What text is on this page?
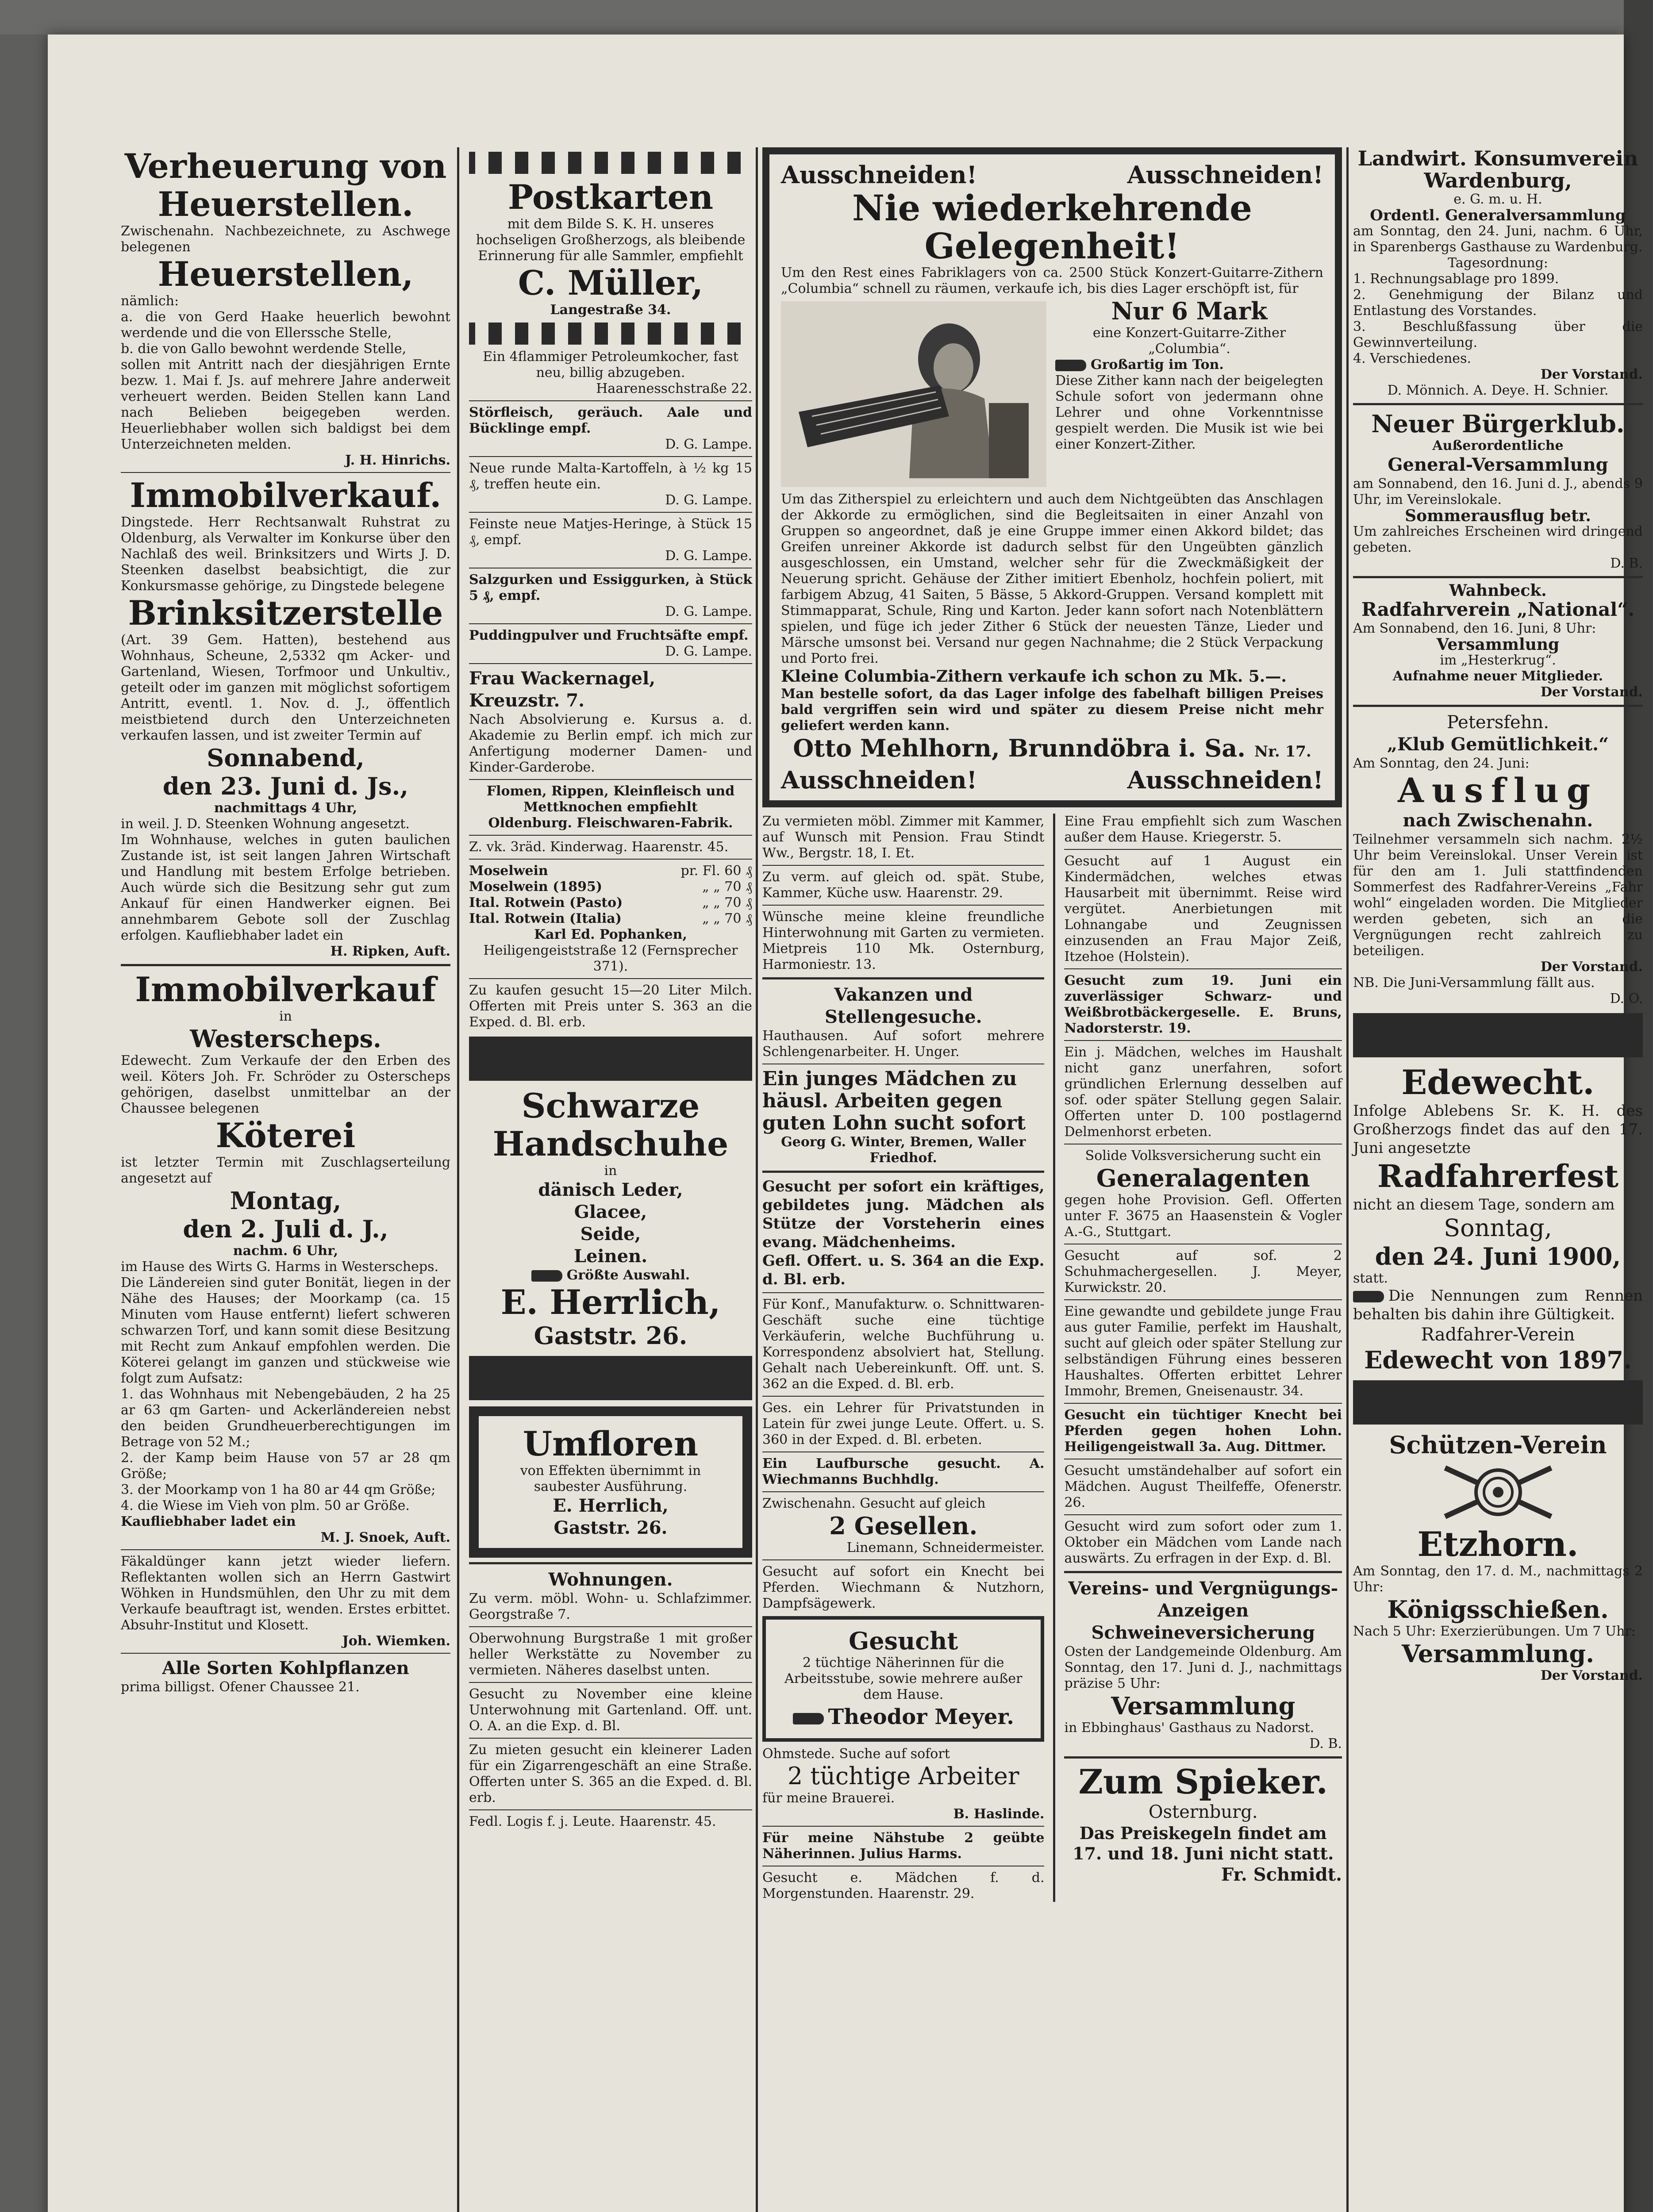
Verheuerung von Heuerstellen.
Zwischenahn. Nachbezeichnete, zu Aschwege belegenen
Heuerstellen,
nämlich:
a. die von Gerd Haake heuerlich bewohnt werdende und die von Ellerssche Stelle,
b. die von Gallo bewohnt werdende Stelle,
sollen mit Antritt nach der diesjährigen Ernte bezw. 1. Mai f. Js. auf mehrere Jahre anderweit verheuert werden. Beiden Stellen kann Land nach Belieben beigegeben werden. Heuerliebhaber wollen sich baldigst bei dem Unterzeichneten melden.
J. H. Hinrichs.
Immobilverkauf.
Dingstede. Herr Rechtsanwalt Ruhstrat zu Oldenburg, als Verwalter im Konkurse über den Nachlaß des weil. Brinksitzers und Wirts J. D. Steenken daselbst beabsichtigt, die zur Konkursmasse gehörige, zu Dingstede belegene
Brinksitzerstelle
(Art. 39 Gem. Hatten), bestehend aus Wohnhaus, Scheune, 2,5332 qm Acker- und Gartenland, Wiesen, Torfmoor und Unkultiv., geteilt oder im ganzen mit möglichst sofortigem Antritt, eventl. 1. Nov. d. J., öffentlich meistbietend durch den Unterzeichneten verkaufen lassen, und ist zweiter Termin auf
Sonnabend,
den 23. Juni d. Js.,
nachmittags 4 Uhr,
in weil. J. D. Steenken Wohnung angesetzt.
Im Wohnhause, welches in guten baulichen Zustande ist, ist seit langen Jahren Wirtschaft und Handlung mit bestem Erfolge betrieben. Auch würde sich die Besitzung sehr gut zum Ankauf für einen Handwerker eignen. Bei annehmbarem Gebote soll der Zuschlag erfolgen. Kaufliebhaber ladet ein
H. Ripken, Auft.
Immobilverkauf
in
Westerscheps.
Edewecht. Zum Verkaufe der den Erben des weil. Köters Joh. Fr. Schröder zu Osterscheps gehörigen, daselbst unmittelbar an der Chaussee belegenen
Köterei
ist letzter Termin mit Zuschlagserteilung angesetzt auf
Montag,
den 2. Juli d. J.,
nachm. 6 Uhr,
im Hause des Wirts G. Harms in Westerscheps.
Die Ländereien sind guter Bonität, liegen in der Nähe des Hauses; der Moorkamp (ca. 15 Minuten vom Hause entfernt) liefert schweren schwarzen Torf, und kann somit diese Besitzung mit Recht zum Ankauf empfohlen werden. Die Köterei gelangt im ganzen und stückweise wie folgt zum Aufsatz:
1. das Wohnhaus mit Nebengebäuden, 2 ha 25 ar 63 qm Garten- und Ackerländereien nebst den beiden Grundheuerberechtigungen im Betrage von 52 M.;
2. der Kamp beim Hause von 57 ar 28 qm Größe;
3. der Moorkamp von 1 ha 80 ar 44 qm Größe;
4. die Wiese im Vieh von plm. 50 ar Größe.
Kaufliebhaber ladet ein
M. J. Snoek, Auft.
Fäkaldünger kann jetzt wieder liefern. Reflektanten wollen sich an Herrn Gastwirt Wöhken in Hundsmühlen, den Uhr zu mit dem Verkaufe beauftragt ist, wenden. Erstes erbittet. Absuhr-Institut und Klosett.
Joh. Wiemken.
Alle Sorten Kohlpflanzen
prima billigst. Ofener Chaussee 21.
Postkarten
mit dem Bilde S. K. H. unseres hochseligen Großherzogs, als bleibende Erinnerung für alle Sammler, empfiehlt
C. Müller,
Langestraße 34.
Ein 4flammiger Petroleumkocher, fast neu, billig abzugeben.
Haarenesschstraße 22.
Störfleisch, geräuch. Aale und Bücklinge empf.
D. G. Lampe.
Neue runde Malta-Kartoffeln, à ½ kg 15 ₰, treffen heute ein.
D. G. Lampe.
Feinste neue Matjes-Heringe, à Stück 15 ₰, empf.
D. G. Lampe.
Salzgurken und Essiggurken, à Stück 5 ₰, empf.
D. G. Lampe.
Puddingpulver und Fruchtsäfte empf.
D. G. Lampe.
Frau Wackernagel, Kreuzstr. 7.
Nach Absolvierung e. Kursus a. d. Akademie zu Berlin empf. ich mich zur Anfertigung moderner Damen- und Kinder-Garderobe.
Flomen, Rippen, Kleinfleisch und Mettknochen empfiehlt
Oldenburg. Fleischwaren-Fabrik.
Z. vk. 3räd. Kinderwag. Haarenstr. 45.
Moselwein	pr. Fl. 60 ₰
Moselwein (1895)	„ „ 70 ₰
Ital. Rotwein (Pasto)	„ „ 70 ₰
Ital. Rotwein (Italia)	„ „ 70 ₰
Karl Ed. Pophanken,
Heiligengeiststraße 12 (Fernsprecher 371).
Zu kaufen gesucht 15—20 Liter Milch. Offerten mit Preis unter S. 363 an die Exped. d. Bl. erb.
Schwarze Handschuhe
in
dänisch Leder,
Glacee,
Seide,
Leinen.
Größte Auswahl.
E. Herrlich,
Gaststr. 26.
Umfloren
von Effekten übernimmt in saubester Ausführung.
E. Herrlich,
Gaststr. 26.
Wohnungen.
Zu verm. möbl. Wohn- u. Schlafzimmer. Georgstraße 7.
Oberwohnung Burgstraße 1 mit großer heller Werkstätte zu November zu vermieten. Näheres daselbst unten.
Gesucht zu November eine kleine Unterwohnung mit Gartenland. Off. unt. O. A. an die Exp. d. Bl.
Zu mieten gesucht ein kleinerer Laden für ein Zigarrengeschäft an eine Straße. Offerten unter S. 365 an die Exped. d. Bl. erb.
Fedl. Logis f. j. Leute. Haarenstr. 45.
Ausschneiden!	Ausschneiden!
Nie wiederkehrende Gelegenheit!
Um den Rest eines Fabriklagers von ca. 2500 Stück Konzert-Guitarre-Zithern „Columbia“ schnell zu räumen, verkaufe ich, bis dies Lager erschöpft ist, für
Nur 6 Mark
eine Konzert-Guitarre-Zither „Columbia“.
Großartig im Ton.
Diese Zither kann nach der beigelegten Schule sofort von jedermann ohne Lehrer und ohne Vorkenntnisse gespielt werden. Die Musik ist wie bei einer Konzert-Zither.
Um das Zitherspiel zu erleichtern und auch dem Nichtgeübten das Anschlagen der Akkorde zu ermöglichen, sind die Begleitsaiten in einer Anzahl von Gruppen so angeordnet, daß je eine Gruppe immer einen Akkord bildet; das Greifen unreiner Akkorde ist dadurch selbst für den Ungeübten gänzlich ausgeschlossen, ein Umstand, welcher sehr für die Zweckmäßigkeit der Neuerung spricht. Gehäuse der Zither imitiert Ebenholz, hochfein poliert, mit farbigem Abzug, 41 Saiten, 5 Bässe, 5 Akkord-Gruppen. Versand komplett mit Stimmapparat, Schule, Ring und Karton. Jeder kann sofort nach Notenblättern spielen, und füge ich jeder Zither 6 Stück der neuesten Tänze, Lieder und Märsche umsonst bei. Versand nur gegen Nachnahme; die 2 Stück Verpackung und Porto frei.
Kleine Columbia-Zithern verkaufe ich schon zu Mk. 5.—.
Man bestelle sofort, da das Lager infolge des fabelhaft billigen Preises bald vergriffen sein wird und später zu diesem Preise nicht mehr geliefert werden kann.
Otto Mehlhorn, Brunndöbra i. Sa. Nr. 17.
Ausschneiden!	Ausschneiden!
Zu vermieten möbl. Zimmer mit Kammer, auf Wunsch mit Pension. Frau Stindt Ww., Bergstr. 18, I. Et.
Zu verm. auf gleich od. spät. Stube, Kammer, Küche usw. Haarenstr. 29.
Wünsche meine kleine freundliche Hinterwohnung mit Garten zu vermieten. Mietpreis 110 Mk. Osternburg, Harmoniestr. 13.
Vakanzen und Stellengesuche.
Hauthausen. Auf sofort mehrere Schlengenarbeiter. H. Unger.
Ein junges Mädchen zu häusl. Arbeiten gegen guten Lohn sucht sofort
Georg G. Winter, Bremen, Waller Friedhof.
Gesucht per sofort ein kräftiges, gebildetes jung. Mädchen als Stütze der Vorsteherin eines evang. Mädchenheims.
Gefl. Offert. u. S. 364 an die Exp. d. Bl. erb.
Für Konf., Manufakturw. o. Schnittwaren-Geschäft suche eine tüchtige Verkäuferin, welche Buchführung u. Korrespondenz absolviert hat, Stellung. Gehalt nach Uebereinkunft. Off. unt. S. 362 an die Exped. d. Bl. erb.
Ges. ein Lehrer für Privatstunden in Latein für zwei junge Leute. Offert. u. S. 360 in der Exped. d. Bl. erbeten.
Ein Laufbursche gesucht. A. Wiechmanns Buchhdlg.
Zwischenahn. Gesucht auf gleich
2 Gesellen.
Linemann, Schneidermeister.
Gesucht auf sofort ein Knecht bei Pferden. Wiechmann & Nutzhorn, Dampfsägewerk.
Gesucht
2 tüchtige Näherinnen für die Arbeitsstube, sowie mehrere außer dem Hause.
Theodor Meyer.
Ohmstede. Suche auf sofort
2 tüchtige Arbeiter
für meine Brauerei.
B. Haslinde.
Für meine Nähstube 2 geübte Näherinnen. Julius Harms.
Gesucht e. Mädchen f. d. Morgenstunden. Haarenstr. 29.
Eine Frau empfiehlt sich zum Waschen außer dem Hause. Kriegerstr. 5.
Gesucht auf 1 August ein Kindermädchen, welches etwas Hausarbeit mit übernimmt. Reise wird vergütet. Anerbietungen mit Lohnangabe und Zeugnissen einzusenden an Frau Major Zeiß, Itzehoe (Holstein).
Gesucht zum 19. Juni ein zuverlässiger Schwarz- und Weißbrotbäckergeselle. E. Bruns, Nadorsterstr. 19.
Ein j. Mädchen, welches im Haushalt nicht ganz unerfahren, sofort gründlichen Erlernung desselben auf sof. oder später Stellung gegen Salair. Offerten unter D. 100 postlagernd Delmenhorst erbeten.
Solide Volksversicherung sucht ein
Generalagenten
gegen hohe Provision. Gefl. Offerten unter F. 3675 an Haasenstein & Vogler A.-G., Stuttgart.
Gesucht auf sof. 2 Schuhmachergesellen. J. Meyer, Kurwickstr. 20.
Eine gewandte und gebildete junge Frau aus guter Familie, perfekt im Haushalt, sucht auf gleich oder später Stellung zur selbständigen Führung eines besseren Haushaltes. Offerten erbittet Lehrer Immohr, Bremen, Gneisenaustr. 34.
Gesucht ein tüchtiger Knecht bei Pferden gegen hohen Lohn. Heiligengeistwall 3a. Aug. Dittmer.
Gesucht umständehalber auf sofort ein Mädchen. August Theilfeffe, Ofenerstr. 26.
Gesucht wird zum sofort oder zum 1. Oktober ein Mädchen vom Lande nach auswärts. Zu erfragen in der Exp. d. Bl.
Vereins- und Vergnügungs-Anzeigen
Schweineversicherung
Osten der Landgemeinde Oldenburg. Am Sonntag, den 17. Juni d. J., nachmittags präzise 5 Uhr:
Versammlung
in Ebbinghaus' Gasthaus zu Nadorst.
D. B.
Zum Spieker.
Osternburg.
Das Preiskegeln findet am 17. und 18. Juni nicht statt.
Fr. Schmidt.
Landwirt. Konsumverein Wardenburg,
e. G. m. u. H.
Ordentl. Generalversammlung
am Sonntag, den 24. Juni, nachm. 6 Uhr, in Sparenbergs Gasthause zu Wardenburg.
Tagesordnung:
1. Rechnungsablage pro 1899.
2. Genehmigung der Bilanz und Entlastung des Vorstandes.
3. Beschlußfassung über die Gewinnverteilung.
4. Verschiedenes.
Der Vorstand.
D. Mönnich. A. Deye. H. Schnier.
Neuer Bürgerklub.
Außerordentliche
General-Versammlung
am Sonnabend, den 16. Juni d. J., abends 9 Uhr, im Vereinslokale.
Sommerausflug betr.
Um zahlreiches Erscheinen wird dringend gebeten.
D. B.
Wahnbeck.
Radfahrverein „National“.
Am Sonnabend, den 16. Juni, 8 Uhr:
Versammlung
im „Hesterkrug“.
Aufnahme neuer Mitglieder.
Der Vorstand.
Petersfehn.
„Klub Gemütlichkeit.“
Am Sonntag, den 24. Juni:
Ausflug
nach Zwischenahn.
Teilnehmer versammeln sich nachm. 2½ Uhr beim Vereinslokal. Unser Verein ist für den am 1. Juli stattfindenden Sommerfest des Radfahrer-Vereins „Fahr wohl“ eingeladen worden. Die Mitglieder werden gebeten, sich an die Vergnügungen recht zahlreich zu beteiligen.
Der Vorstand.
NB. Die Juni-Versammlung fällt aus.
D. O.
Edewecht.
Infolge Ablebens Sr. K. H. des Großherzogs findet das auf den 17. Juni angesetzte
Radfahrerfest
nicht an diesem Tage, sondern am
Sonntag,
den 24. Juni 1900,
statt.
Die Nennungen zum Rennen behalten bis dahin ihre Gültigkeit.
Radfahrer-Verein
Edewecht von 1897.
Schützen-Verein
Etzhorn.
Am Sonntag, den 17. d. M., nachmittags 2 Uhr:
Königsschießen.
Nach 5 Uhr: Exerzierübungen. Um 7 Uhr:
Versammlung.
Der Vorstand.
